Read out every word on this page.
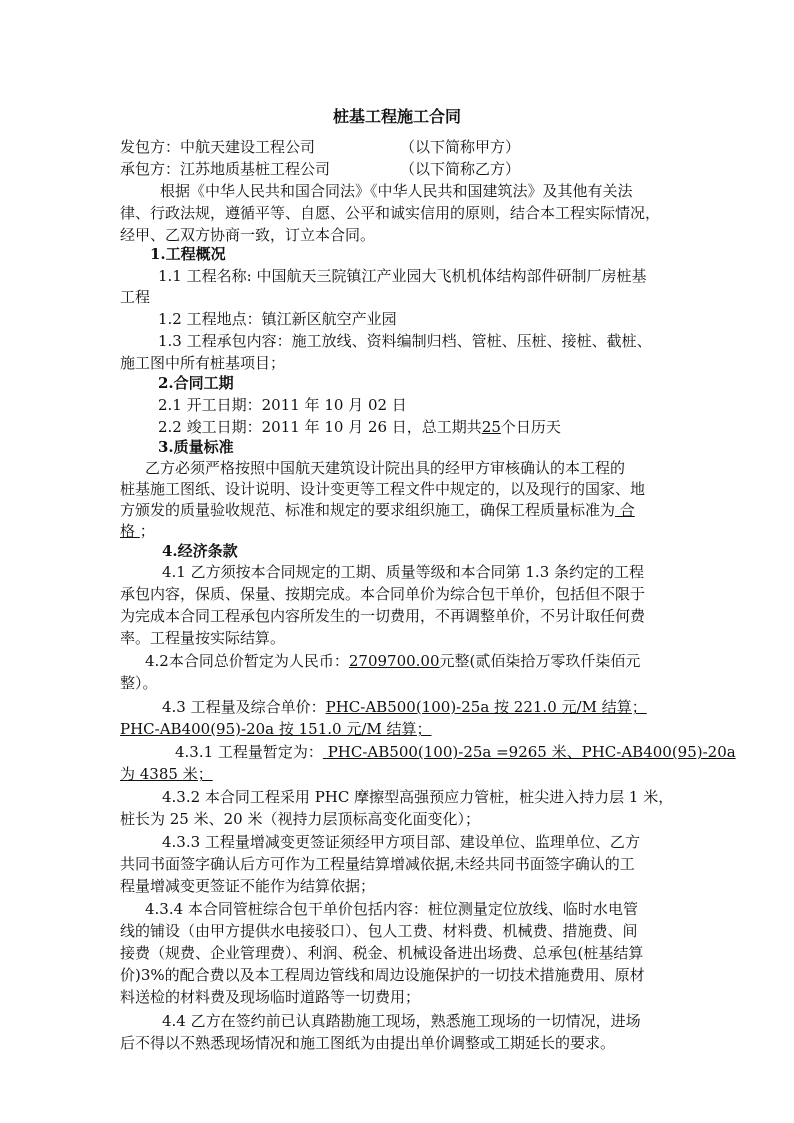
桩基工程施工合同
发包方：中航天建设工程公司	（以下简称甲方）
承包方：江苏地质基桩工程公司	（以下简称乙方）
根据《中华人民共和国合同法》《中华人民共和国建筑法》及其他有关法
律、行政法规，遵循平等、自愿、公平和诚实信用的原则，结合本工程实际情况，
经甲、乙双方协商一致，订立本合同。
1.工程概况
1.1 工程名称: 中国航天三院镇江产业园大飞机机体结构部件研制厂房桩基
工程
1.2 工程地点：镇江新区航空产业园
1.3 工程承包内容：施工放线、资料编制归档、管桩、压桩、接桩、截桩、
施工图中所有桩基项目；
2.合同工期
2.1 开工日期：2011 年 10 月 02 日
2.2 竣工日期：2011 年 10 月 26 日，总工期共25个日历天
3.质量标准
乙方必须严格按照中国航天建筑设计院出具的经甲方审核确认的本工程的
桩基施工图纸、设计说明、设计变更等工程文件中规定的，以及现行的国家、地
方颁发的质量验收规范、标准和规定的要求组织施工，确保工程质量标准为 合
格 ；
4.经济条款
4.1 乙方须按本合同规定的工期、质量等级和本合同第 1.3 条约定的工程
承包内容，保质、保量、按期完成。本合同单价为综合包干单价，包括但不限于
为完成本合同工程承包内容所发生的一切费用，不再调整单价，不另计取任何费
率。工程量按实际结算。
4.2本合同总价暂定为人民币：2709700.00元整(贰佰柒拾万零玖仟柒佰元
整）。
4.3 工程量及综合单价：PHC-AB500(100)-25a 按 221.0 元/M 结算；
PHC-AB400(95)-20a 按 151.0 元/M 结算；
4.3.1 工程量暂定为： PHC-AB500(100)-25a =9265 米、PHC-AB400(95)-20a
为 4385 米；
4.3.2 本合同工程采用 PHC 摩擦型高强预应力管桩，桩尖进入持力层 1 米，
桩长为 25 米、20 米（视持力层顶标高变化面变化）；
4.3.3 工程量增减变更签证须经甲方项目部、建设单位、监理单位、乙方
共同书面签字确认后方可作为工程量结算增减依据,未经共同书面签字确认的工
程量增减变更签证不能作为结算依据；
4.3.4 本合同管桩综合包干单价包括内容：桩位测量定位放线、临时水电管
线的铺设（由甲方提供水电接驳口）、包人工费、材料费、机械费、措施费、间
接费（规费、企业管理费）、利润、税金、机械设备进出场费、总承包(桩基结算
价)3%的配合费以及本工程周边管线和周边设施保护的一切技术措施费用、原材
料送检的材料费及现场临时道路等一切费用；
4.4 乙方在签约前已认真踏勘施工现场，熟悉施工现场的一切情况，进场
后不得以不熟悉现场情况和施工图纸为由提出单价调整或工期延长的要求。
